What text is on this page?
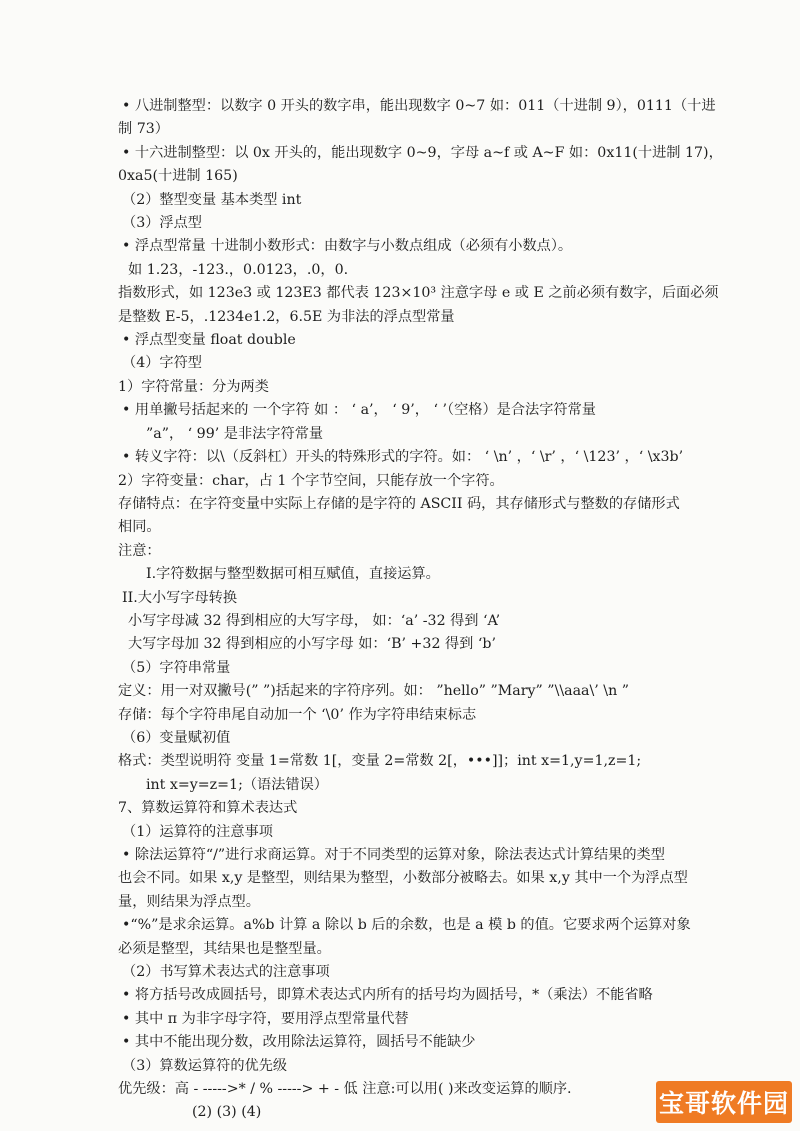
• 八进制整型：以数字 0 开头的数字串，能出现数字 0~7 如：011（十进制 9），0111（十进
制 73）
• 十六进制整型：以 0x 开头的，能出现数字 0~9，字母 a~f 或 A~F 如：0x11(十进制 17)，
0xa5(十进制 165)
（2）整型变量 基本类型 int
（3）浮点型
• 浮点型常量 十进制小数形式：由数字与小数点组成（必须有小数点）。
如 1.23，-123.，0.0123，.0，0.
指数形式，如 123e3 或 123E3 都代表 123×10³ 注意字母 e 或 E 之前必须有数字，后面必须
是整数 E-5，.1234e1.2，6.5E 为非法的浮点型常量
• 浮点型变量 float double
（4）字符型
1）字符常量：分为两类
• 用单撇号括起来的 一个字符 如 ： ‘ a’， ‘ 9’， ‘ ’（空格）是合法字符常量
”a”， ‘ 99’ 是非法字符常量
• 转义字符：以\（反斜杠）开头的特殊形式的字符。如： ‘ \n’ ，‘ \r’ ，‘ \123’ ，‘ \x3b’
2）字符变量：char，占 1 个字节空间，只能存放一个字符。
存储特点：在字符变量中实际上存储的是字符的 ASCII 码，其存储形式与整数的存储形式
相同。
注意：
I.字符数据与整型数据可相互赋值，直接运算。
II.大小写字母转换
小写字母减 32 得到相应的大写字母， 如：‘a’ -32 得到 ‘A’
大写字母加 32 得到相应的小写字母 如：‘B’ +32 得到 ‘b’
（5）字符串常量
定义：用一对双撇号(” ”)括起来的字符序列。如： ”hello” ”Mary” ”\\aaa\’ \n ”
存储：每个字符串尾自动加一个 ‘\0’ 作为字符串结束标志
（6）变量赋初值
格式：类型说明符 变量 1=常数 1[，变量 2=常数 2[，•••]]；int x=1,y=1,z=1;
int x=y=z=1;（语法错误）
7、算数运算符和算术表达式
（1）运算符的注意事项
• 除法运算符“/”进行求商运算。对于不同类型的运算对象，除法表达式计算结果的类型
也会不同。如果 x,y 是整型，则结果为整型，小数部分被略去。如果 x,y 其中一个为浮点型
量，则结果为浮点型。
•“%”是求余运算。a%b 计算 a 除以 b 后的余数，也是 a 模 b 的值。它要求两个运算对象
必须是整型，其结果也是整型量。
（2）书写算术表达式的注意事项
• 将方括号改成圆括号，即算术表达式内所有的括号均为圆括号，*（乘法）不能省略
• 其中 π 为非字母字符，要用浮点型常量代替
• 其中不能出现分数，改用除法运算符，圆括号不能缺少
（3）算数运算符的优先级
优先级：高 - ----->* / % -----> + - 低 注意:可以用( )来改变运算的顺序.
(2) (3) (4)	宝哥软件园
